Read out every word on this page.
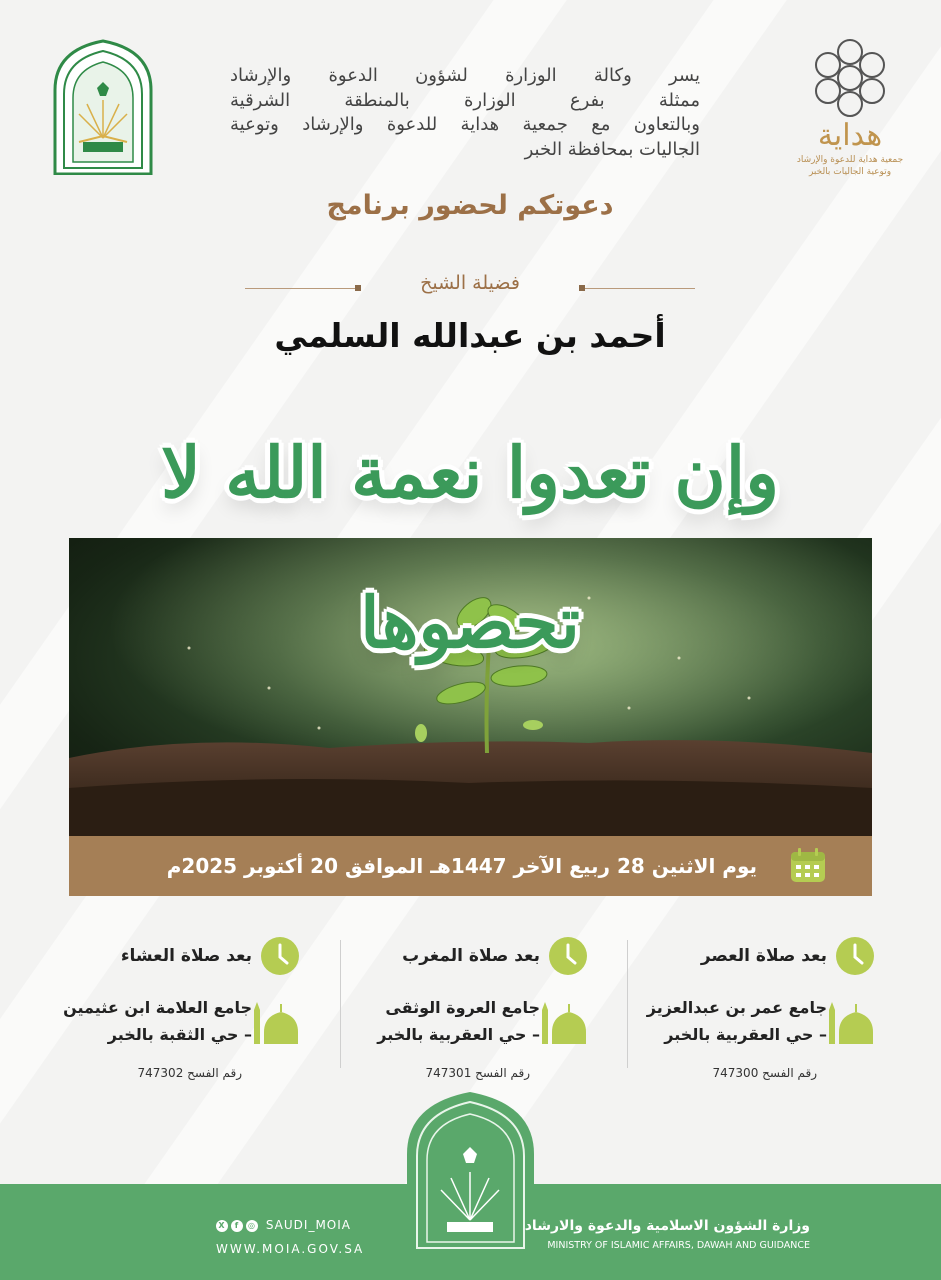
هداية
جمعية هداية للدعوة والإرشاد
وتوعية الجاليات بالخبر
يسر وكالة الوزارة لشؤون الدعوة والإرشاد
ممثلة بفرع الوزارة بالمنطقة الشرقية
وبالتعاون مع جمعية هداية للدعوة والإرشاد وتوعية
الجاليات بمحافظة الخبر
دعوتكم لحضور برنامج
فضيلة الشيخ
أحمد بن عبدالله السلمي
وإن تعدوا نعمة الله لا تحصوها
يوم الاثنين 28 ربيع الآخر 1447هـ الموافق 20 أكتوبر 2025م
بعد صلاة العصر
جامع عمر بن عبدالعزيز
– حي العقربية بالخبر
رقم الفسح 747300
بعد صلاة المغرب
جامع العروة الوثقى
– حي العقربية بالخبر
رقم الفسح 747301
بعد صلاة العشاء
جامع العلامة ابن عثيمين
– حي الثقبة بالخبر
رقم الفسح 747302
وزارة الشؤون الاسلامية والدعوة والارشاد
MINISTRY OF ISLAMIC AFFAIRS, DAWAH AND GUIDANCE
X f ◎ SAUDI_MOIA
WWW.MOIA.GOV.SA
